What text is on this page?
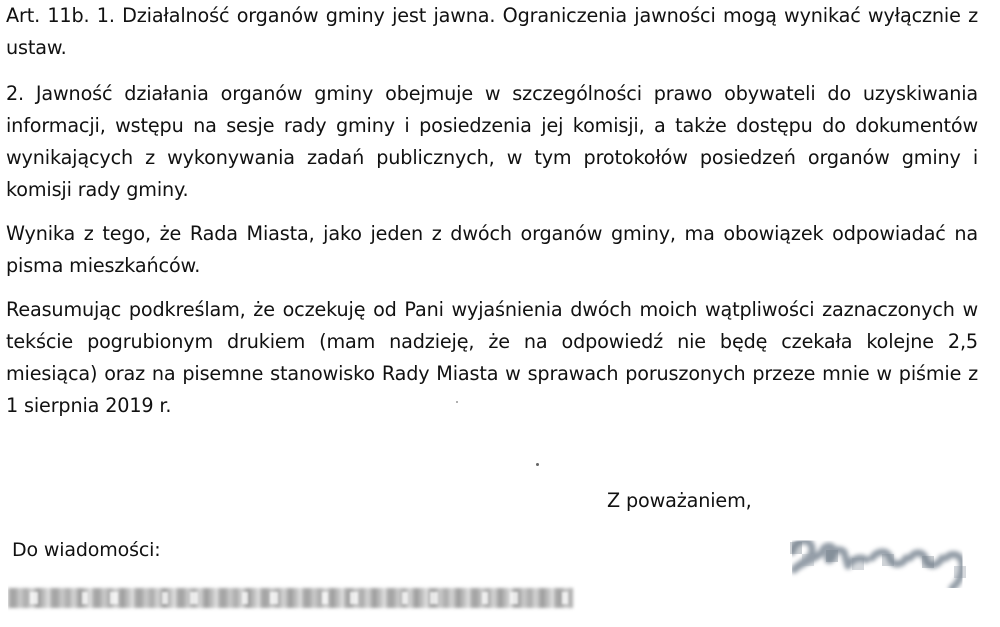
Art. 11b. 1. Działalność organów gminy jest jawna. Ograniczenia jawności mogą wynikać wyłącznie z ustaw.

2. Jawność działania organów gminy obejmuje w szczególności prawo obywateli do uzyskiwania informacji, wstępu na sesje rady gminy i posiedzenia jej komisji, a także dostępu do dokumentów wynikających z wykonywania zadań publicznych, w tym protokołów posiedzeń organów gminy i komisji rady gminy.

Wynika z tego, że Rada Miasta, jako jeden z dwóch organów gminy, ma obowiązek odpowiadać na pisma mieszkańców.

Reasumując podkreślam, że oczekuję od Pani wyjaśnienia dwóch moich wątpliwości zaznaczonych w tekście pogrubionym drukiem (mam nadzieję, że na odpowiedź nie będę czekała kolejne 2,5 miesiąca) oraz na pisemne stanowisko Rady Miasta w sprawach poruszonych przeze mnie w piśmie z 1 sierpnia 2019 r.

Z poważaniem,

Do wiadomości:
